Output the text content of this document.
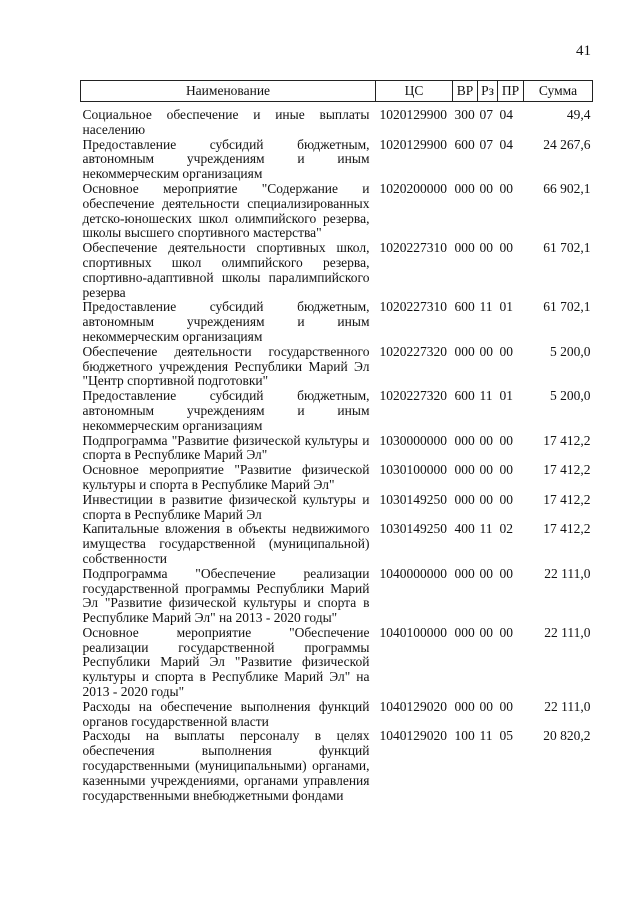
41
Наименование	ЦС	ВР	Рз	ПР	Сумма
Социальное обеспечение и иные выплаты населению	1020129900	300	07	04	49,4
Предоставление субсидий бюджетным, автономным учреждениям и иным некоммерческим организациям	1020129900	600	07	04	24 267,6
Основное мероприятие "Содержание и обеспечение деятельности специализированных детско-юношеских школ олимпийского резерва, школы высшего спортивного мастерства"	1020200000	000	00	00	66 902,1
Обеспечение деятельности спортивных школ, спортивных школ олимпийского резерва, спортивно-адаптивной школы паралимпийского резерва	1020227310	000	00	00	61 702,1
Предоставление субсидий бюджетным, автономным учреждениям и иным некоммерческим организациям	1020227310	600	11	01	61 702,1
Обеспечение деятельности государственного бюджетного учреждения Республики Марий Эл "Центр спортивной подготовки"	1020227320	000	00	00	5 200,0
Предоставление субсидий бюджетным, автономным учреждениям и иным некоммерческим организациям	1020227320	600	11	01	5 200,0
Подпрограмма "Развитие физической культуры и спорта в Республике Марий Эл"	1030000000	000	00	00	17 412,2
Основное мероприятие "Развитие физической культуры и спорта в Республике Марий Эл"	1030100000	000	00	00	17 412,2
Инвестиции в развитие физической культуры и спорта в Республике Марий Эл	1030149250	000	00	00	17 412,2
Капитальные вложения в объекты недвижимого имущества государственной (муниципальной) собственности	1030149250	400	11	02	17 412,2
Подпрограмма "Обеспечение реализации государственной программы Республики Марий Эл "Развитие физической культуры и спорта в Республике Марий Эл" на 2013 - 2020 годы"	1040000000	000	00	00	22 111,0
Основное мероприятие "Обеспечение реализации государственной программы Республики Марий Эл "Развитие физической культуры и спорта в Республике Марий Эл" на 2013 - 2020 годы"	1040100000	000	00	00	22 111,0
Расходы на обеспечение выполнения функций органов государственной власти	1040129020	000	00	00	22 111,0
Расходы на выплаты персоналу в целях обеспечения выполнения функций государственными (муниципальными) органами, казенными учреждениями, органами управления государственными внебюджетными фондами	1040129020	100	11	05	20 820,2
